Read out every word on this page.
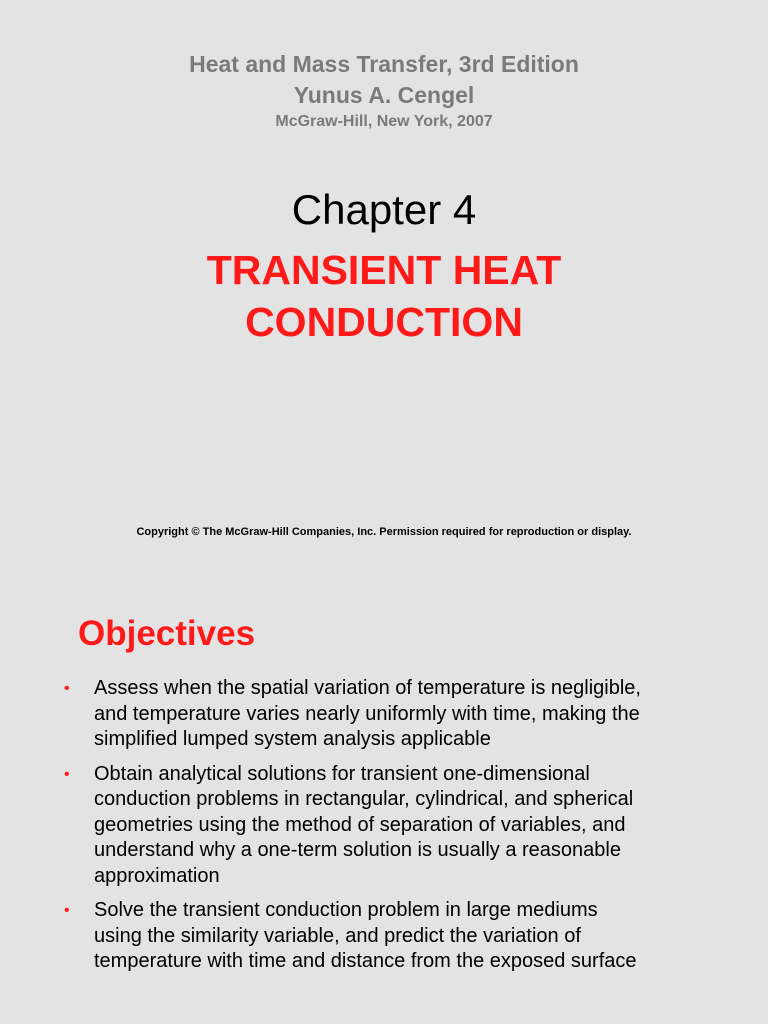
Heat and Mass Transfer, 3rd Edition
Yunus A. Cengel
McGraw-Hill, New York, 2007
Chapter 4
TRANSIENT HEAT
CONDUCTION
Copyright © The McGraw-Hill Companies, Inc. Permission required for reproduction or display.
Objectives
• Assess when the spatial variation of temperature is negligible, and temperature varies nearly uniformly with time, making the simplified lumped system analysis applicable
• Obtain analytical solutions for transient one-dimensional conduction problems in rectangular, cylindrical, and spherical geometries using the method of separation of variables, and understand why a one-term solution is usually a reasonable approximation
• Solve the transient conduction problem in large mediums using the similarity variable, and predict the variation of temperature with time and distance from the exposed surface
